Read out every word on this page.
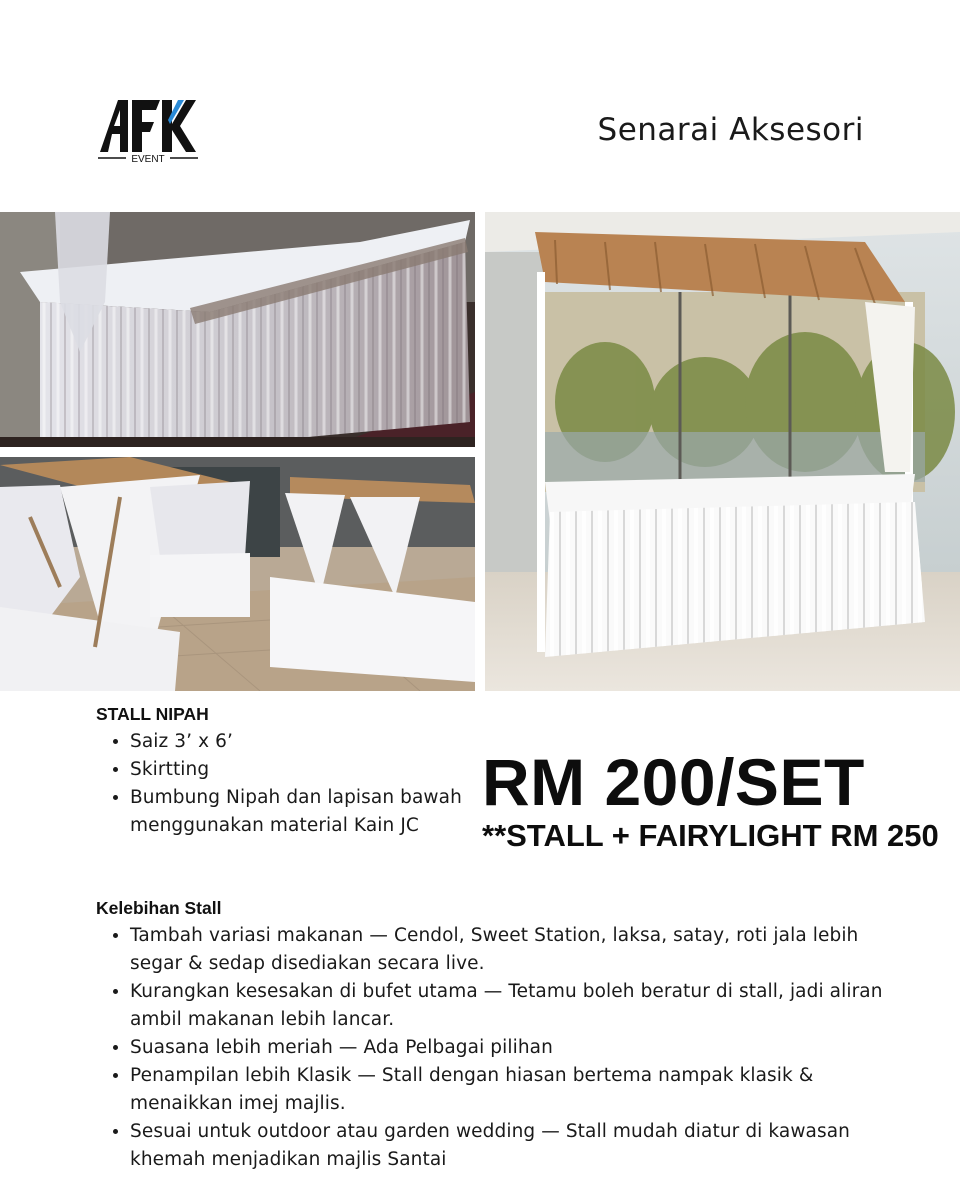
EVENT
Senarai Aksesori
STALL NIPAH
• Saiz 3’ x 6’
• Skirtting
• Bumbung Nipah dan lapisan bawah menggunakan material Kain JC
RM 200/SET
**STALL + FAIRYLIGHT RM 250
Kelebihan Stall
• Tambah variasi makanan — Cendol, Sweet Station, laksa, satay, roti jala lebih segar & sedap disediakan secara live.
• Kurangkan kesesakan di bufet utama — Tetamu boleh beratur di stall, jadi aliran ambil makanan lebih lancar.
• Suasana lebih meriah — Ada Pelbagai pilihan
• Penampilan lebih Klasik — Stall dengan hiasan bertema nampak klasik & menaikkan imej majlis.
• Sesuai untuk outdoor atau garden wedding — Stall mudah diatur di kawasan khemah menjadikan majlis Santai
